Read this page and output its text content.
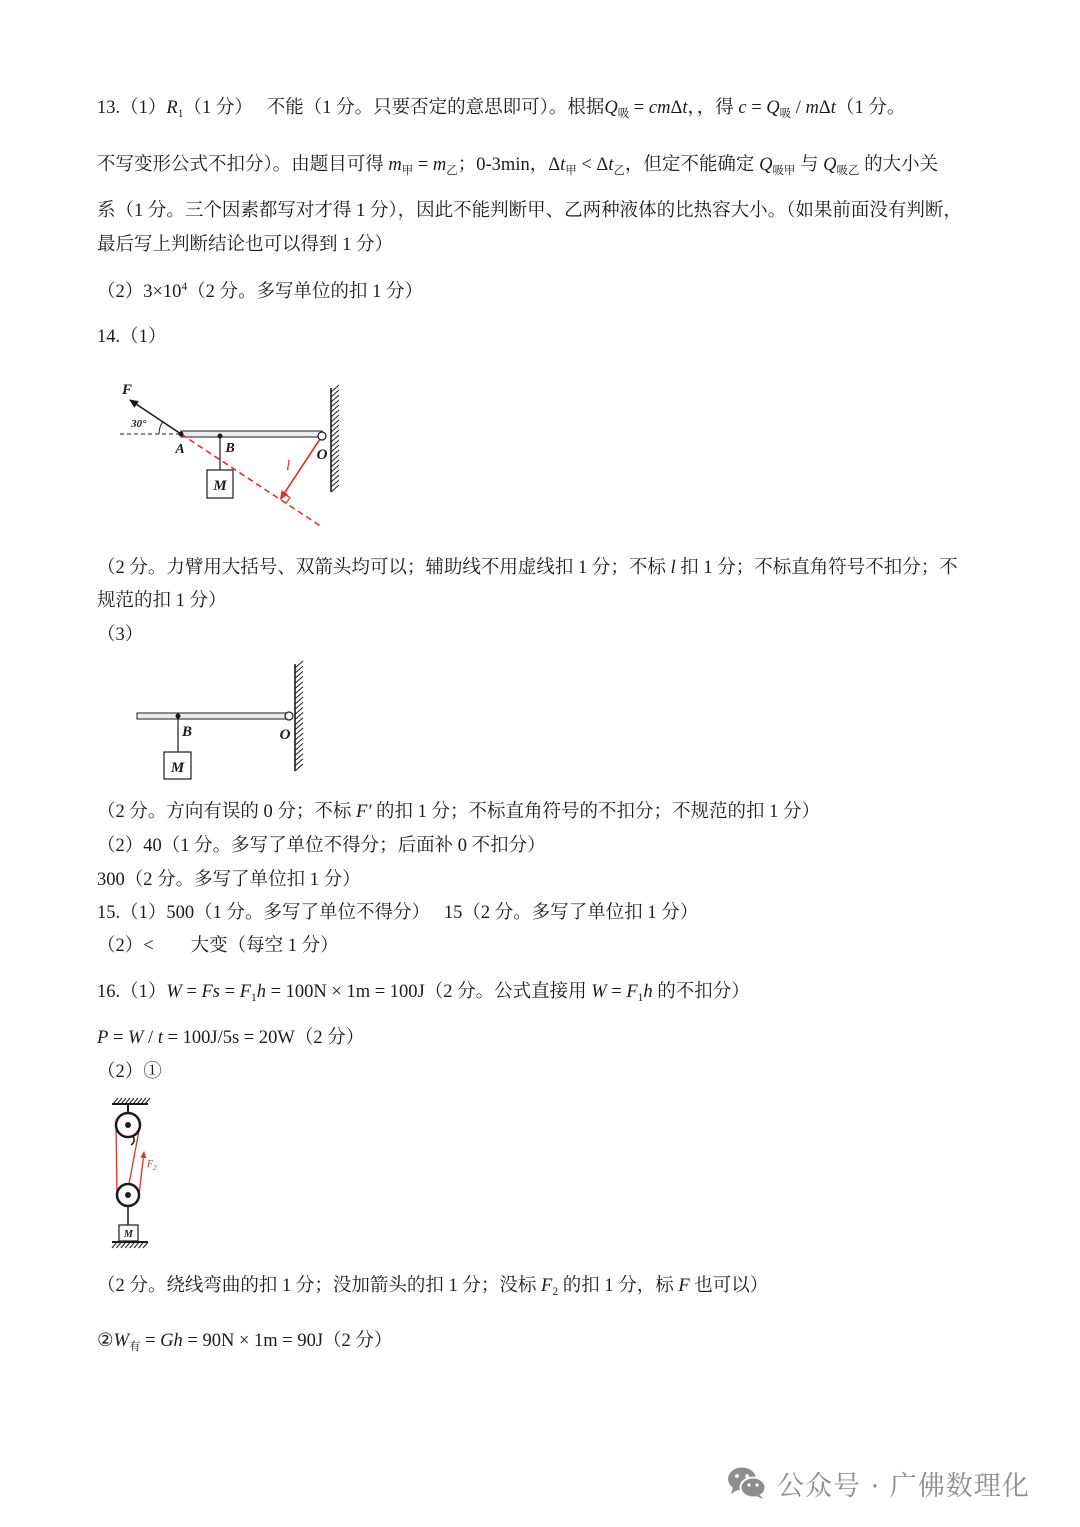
$13.(1)R_1(1$ 分）　 不能（1 分。只要否定的意思即可）。根据$Q_吸 = cm\Delta t$，，得 $c = Q_吸 / m\Delta t(1$ 分。
不写变形公式不扣分）。由题目可得 $m_甲 = m_乙$；0-3min，$\Delta t_甲 < \Delta t_乙$，但定不能确定 $Q_{吸甲}$ 与 $Q_{吸乙}$ 的大小关
系（1 分。三个因素都写对才得 1 分），因此不能判断甲、乙两种液体的比热容大小。（如果前面没有判断，
最后写上判断结论也可以得到 1 分）
$(2)3\times 10^4(2$ 分。多写单位的扣 1 分）
14.（1）
F
30°
l
A	B
M
O
（2 分。力臂用大括号、双箭头均可以；辅助线不用虚线扣 1 分；不标 l 扣 1 分；不标直角符号不扣分；不
规范的扣 1 分）
（3）
B
M
O
（2 分。方向有误的 0 分；不标 F′ 的扣 1 分；不标直角符号的不扣分；不规范的扣 1 分）
（2）40（1 分。多写了单位不得分；后面补 0 不扣分）
300（2 分。多写了单位扣 1 分）
15.（1）500（1 分。多写了单位不得分）　 15（2 分。多写了单位扣 1 分）
（2）<　　大变（每空 1 分）
$16.(1)W = Fs = F_1h = 100N \times 1m = 100J(2$ 分。公式直接用 $W = F_1h$ 的不扣分）
P = W / t = 100J/5s = 20W（2 分）
（2）①
M
$F_2$
（2 分。绕线弯曲的扣 1 分；没加箭头的扣 1 分；没标 $F_2$ 的扣 1 分，标 F 也可以）
$②W_有 = Gh = 90N \times 1m = 90J(2$ 分）
公众号 · 广佛数理化
